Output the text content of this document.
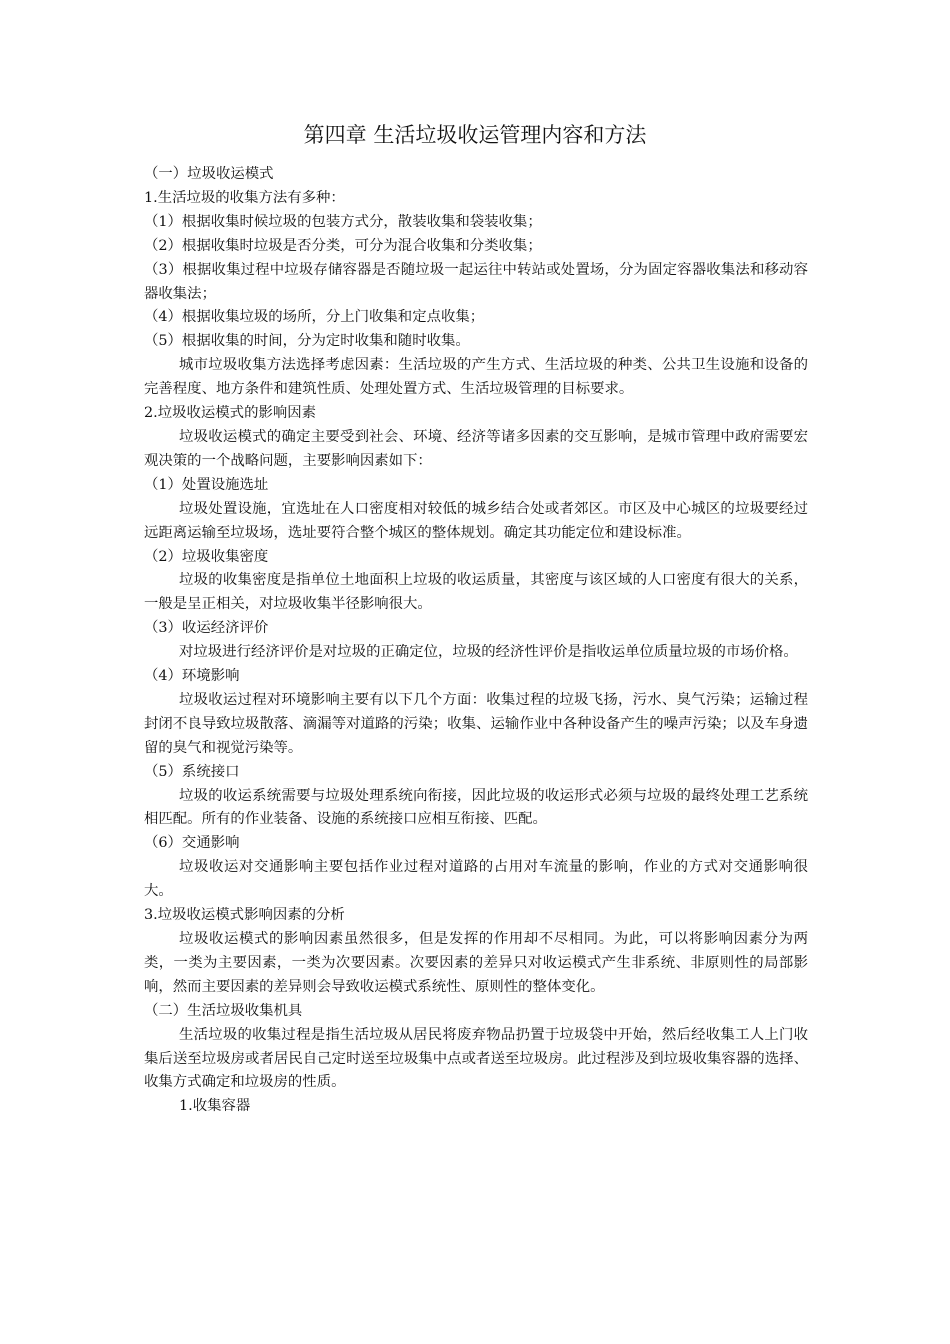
第四章 生活垃圾收运管理内容和方法

（一）垃圾收运模式

1.生活垃圾的收集方法有多种：

（1）根据收集时候垃圾的包装方式分，散装收集和袋装收集；

（2）根据收集时垃圾是否分类，可分为混合收集和分类收集；

（3）根据收集过程中垃圾存储容器是否随垃圾一起运往中转站或处置场，分为固定容器收集法和移动容器收集法；

（4）根据收集垃圾的场所，分上门收集和定点收集；

（5）根据收集的时间，分为定时收集和随时收集。

城市垃圾收集方法选择考虑因素：生活垃圾的产生方式、生活垃圾的种类、公共卫生设施和设备的完善程度、地方条件和建筑性质、处理处置方式、生活垃圾管理的目标要求。

2.垃圾收运模式的影响因素

垃圾收运模式的确定主要受到社会、环境、经济等诸多因素的交互影响，是城市管理中政府需要宏观决策的一个战略问题，主要影响因素如下：

（1）处置设施选址

垃圾处置设施，宜选址在人口密度相对较低的城乡结合处或者郊区。市区及中心城区的垃圾要经过远距离运输至垃圾场，选址要符合整个城区的整体规划。确定其功能定位和建设标准。

（2）垃圾收集密度

垃圾的收集密度是指单位土地面积上垃圾的收运质量，其密度与该区域的人口密度有很大的关系，一般是呈正相关，对垃圾收集半径影响很大。

（3）收运经济评价

对垃圾进行经济评价是对垃圾的正确定位，垃圾的经济性评价是指收运单位质量垃圾的市场价格。

（4）环境影响

垃圾收运过程对环境影响主要有以下几个方面：收集过程的垃圾飞扬，污水、臭气污染；运输过程封闭不良导致垃圾散落、滴漏等对道路的污染；收集、运输作业中各种设备产生的噪声污染；以及车身遗留的臭气和视觉污染等。

（5）系统接口

垃圾的收运系统需要与垃圾处理系统向衔接，因此垃圾的收运形式必须与垃圾的最终处理工艺系统相匹配。所有的作业装备、设施的系统接口应相互衔接、匹配。

（6）交通影响

垃圾收运对交通影响主要包括作业过程对道路的占用对车流量的影响，作业的方式对交通影响很大。

3.垃圾收运模式影响因素的分析

垃圾收运模式的影响因素虽然很多，但是发挥的作用却不尽相同。为此，可以将影响因素分为两类，一类为主要因素，一类为次要因素。次要因素的差异只对收运模式产生非系统、非原则性的局部影响，然而主要因素的差异则会导致收运模式系统性、原则性的整体变化。

（二）生活垃圾收集机具

生活垃圾的收集过程是指生活垃圾从居民将废弃物品扔置于垃圾袋中开始，然后经收集工人上门收集后送至垃圾房或者居民自己定时送至垃圾集中点或者送至垃圾房。此过程涉及到垃圾收集容器的选择、收集方式确定和垃圾房的性质。

1.收集容器
